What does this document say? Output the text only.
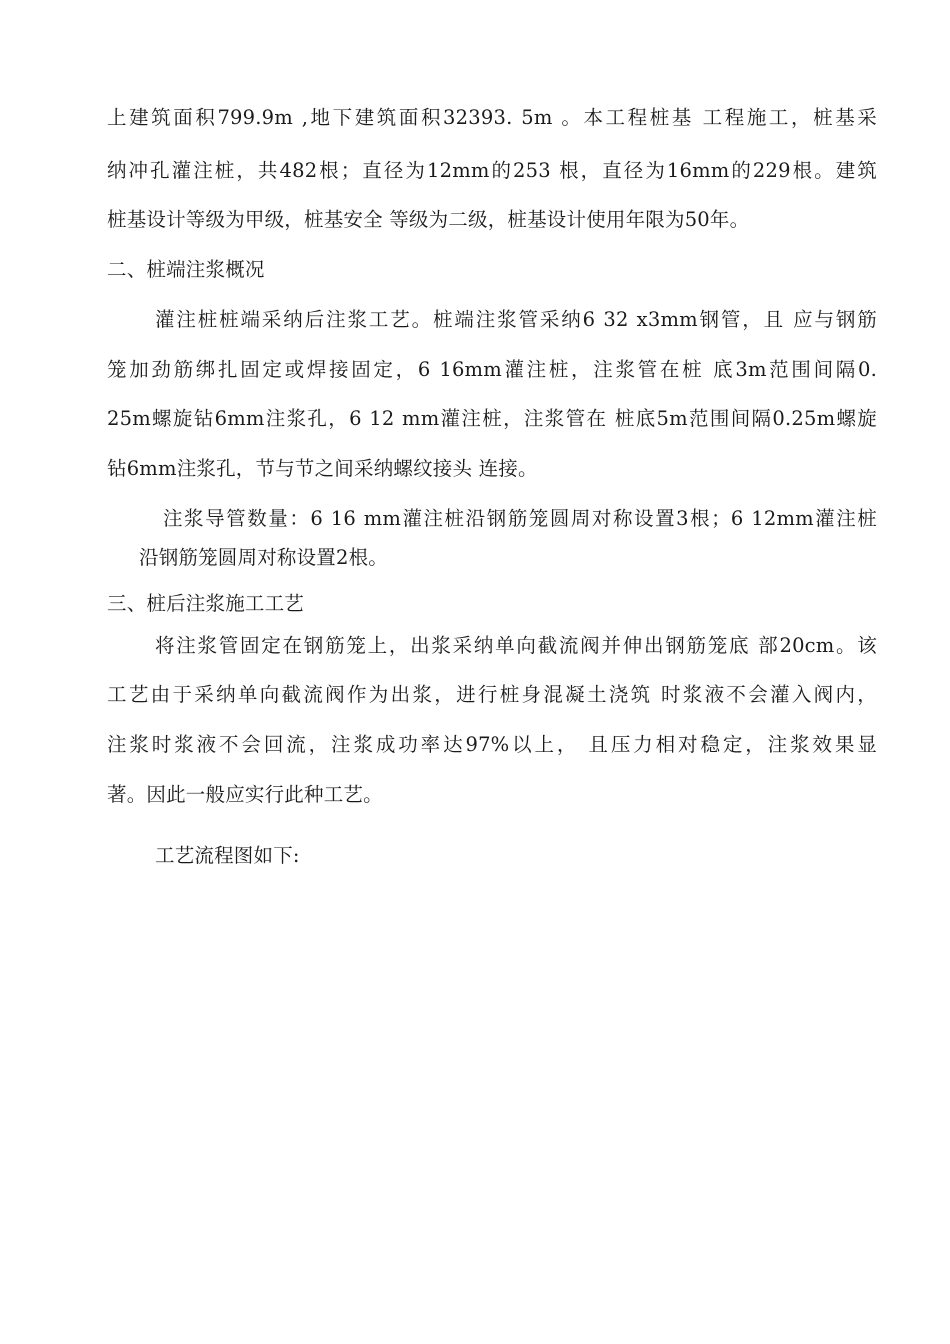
上建筑面积799.9m ,地下建筑面积32393. 5m 。本工程桩基 工程施工，桩基采
纳冲孔灌注桩，共482根；直径为12mm的253 根，直径为16mm的229根。建筑
桩基设计等级为甲级，桩基安全 等级为二级，桩基设计使用年限为50年。
二、桩端注浆概况
灌注桩桩端采纳后注浆工艺。桩端注浆管采纳6 32 x3mm钢管，且 应与钢筋
笼加劲筋绑扎固定或焊接固定，6 16mm灌注桩，注浆管在桩 底3m范围间隔0.
25m螺旋钻6mm注浆孔，6 12 mm灌注桩，注浆管在 桩底5m范围间隔0.25m螺旋
钻6mm注浆孔，节与节之间采纳螺纹接头 连接。
注浆导管数量：6 16 mm灌注桩沿钢筋笼圆周对称设置3根；6 12mm灌注桩
沿钢筋笼圆周对称设置2根。
三、桩后注浆施工工艺
将注浆管固定在钢筋笼上，出浆采纳单向截流阀并伸出钢筋笼底 部20cm。该
工艺由于采纳单向截流阀作为出浆，进行桩身混凝土浇筑 时浆液不会灌入阀内，
注浆时浆液不会回流，注浆成功率达97%以上， 且压力相对稳定，注浆效果显
著。因此一般应实行此种工艺。
工艺流程图如下:
